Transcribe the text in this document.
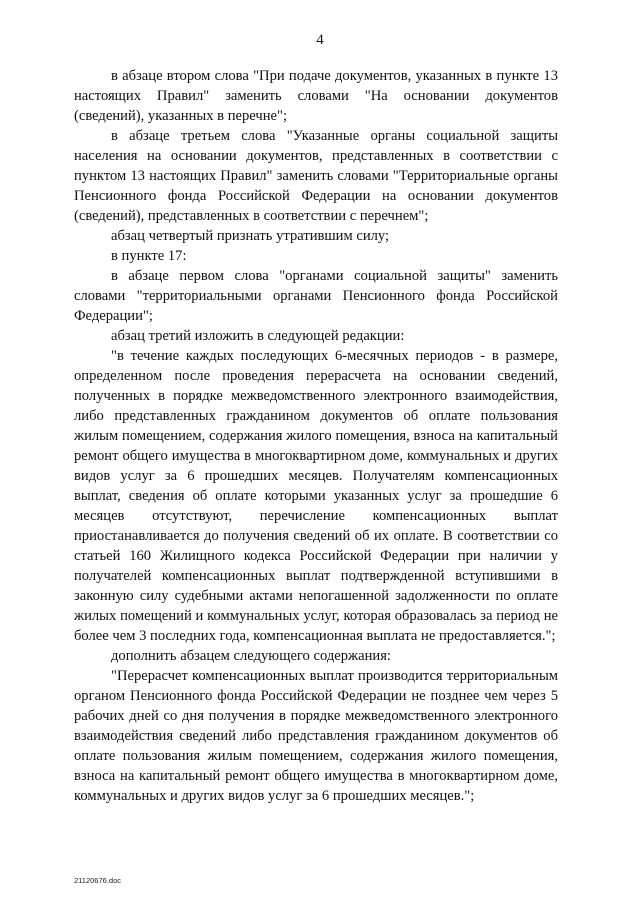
4

в абзаце втором слова "При подаче документов, указанных в пункте 13 настоящих Правил" заменить словами "На основании документов (сведений), указанных в перечне";

в абзаце третьем слова "Указанные органы социальной защиты населения на основании документов, представленных в соответствии с пунктом 13 настоящих Правил" заменить словами "Территориальные органы Пенсионного фонда Российской Федерации на основании документов (сведений), представленных в соответствии с перечнем";

абзац четвертый признать утратившим силу;

в пункте 17:

в абзаце первом слова "органами социальной защиты" заменить словами "территориальными органами Пенсионного фонда Российской Федерации";

абзац третий изложить в следующей редакции:

"в течение каждых последующих 6-месячных периодов - в размере, определенном после проведения перерасчета на основании сведений, полученных в порядке межведомственного электронного взаимодействия, либо представленных гражданином документов об оплате пользования жилым помещением, содержания жилого помещения, взноса на капитальный ремонт общего имущества в многоквартирном доме, коммунальных и других видов услуг за 6 прошедших месяцев. Получателям компенсационных выплат, сведения об оплате которыми указанных услуг за прошедшие 6 месяцев отсутствуют, перечисление компенсационных выплат приостанавливается до получения сведений об их оплате. В соответствии со статьей 160 Жилищного кодекса Российской Федерации при наличии у получателей компенсационных выплат подтвержденной вступившими в законную силу судебными актами непогашенной задолженности по оплате жилых помещений и коммунальных услуг, которая образовалась за период не более чем 3 последних года, компенсационная выплата не предоставляется.";

дополнить абзацем следующего содержания:

"Перерасчет компенсационных выплат производится территориальным органом Пенсионного фонда Российской Федерации не позднее чем через 5 рабочих дней со дня получения в порядке межведомственного электронного взаимодействия сведений либо представления гражданином документов об оплате пользования жилым помещением, содержания жилого помещения, взноса на капитальный ремонт общего имущества в многоквартирном доме, коммунальных и других видов услуг за 6 прошедших месяцев.";

21120676.doc
